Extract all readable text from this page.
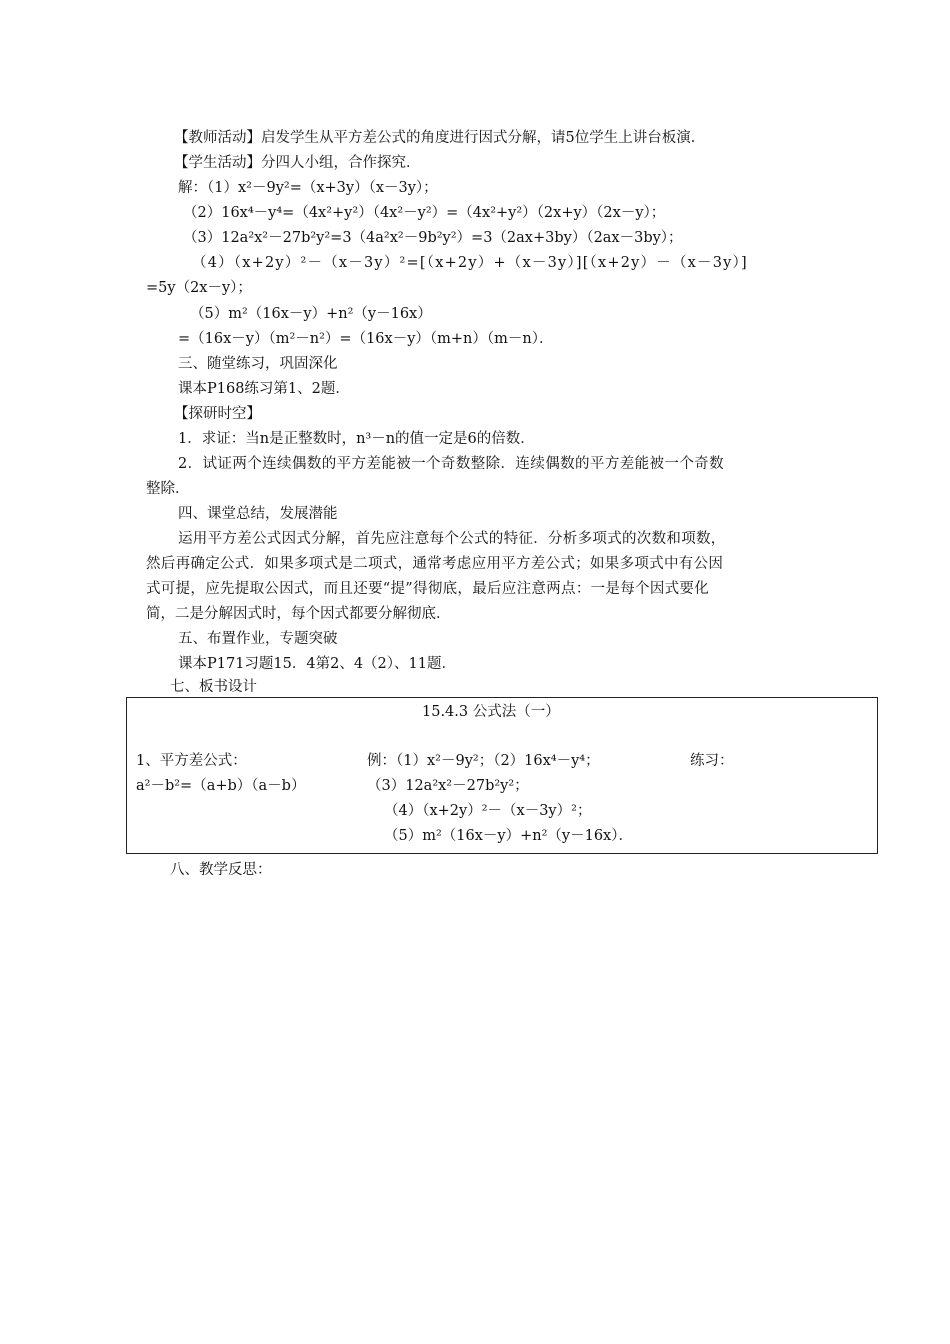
【教师活动】启发学生从平方差公式的角度进行因式分解，请5位学生上讲台板演．
【学生活动】分四人小组，合作探究．
解：（1）x²－9y²=（x+3y）（x－3y）；
（2）16x⁴－y⁴=（4x²+y²）（4x²－y²）=（4x²+y²）（2x+y）（2x－y）；
（3）12a²x²－27b²y²=3（4a²x²－9b²y²）=3（2ax+3by）（2ax－3by）；
（4）（x+2y）²－（x－3y）²=[（x+2y）+（x－3y）][（x+2y）－（x－3y）]
=5y（2x－y）；
（5）m²（16x－y）+n²（y－16x）
=（16x－y）（m²－n²）=（16x－y）（m+n）（m－n）．
三、随堂练习，巩固深化
课本P168练习第1、2题．
【探研时空】
1．求证：当n是正整数时，n³－n的值一定是6的倍数．
2．试证两个连续偶数的平方差能被一个奇数整除．连续偶数的平方差能被一个奇数
整除．
四、课堂总结，发展潜能
运用平方差公式因式分解，首先应注意每个公式的特征．分析多项式的次数和项数，
然后再确定公式．如果多项式是二项式，通常考虑应用平方差公式；如果多项式中有公因
式可提，应先提取公因式，而且还要“提”得彻底，最后应注意两点：一是每个因式要化
简，二是分解因式时，每个因式都要分解彻底．
五、布置作业，专题突破
课本P171习题15．4第2、4（2）、11题．
七、板书设计
15.4.3 公式法（一）
1、平方差公式：	例：（1）x²－9y²；（2）16x⁴－y⁴；	练习：
a²－b²=（a+b）（a－b）	（3）12a²x²－27b²y²；
（4）（x+2y）²－（x－3y）²；
（5）m²（16x－y）+n²（y－16x）．
八、教学反思：
